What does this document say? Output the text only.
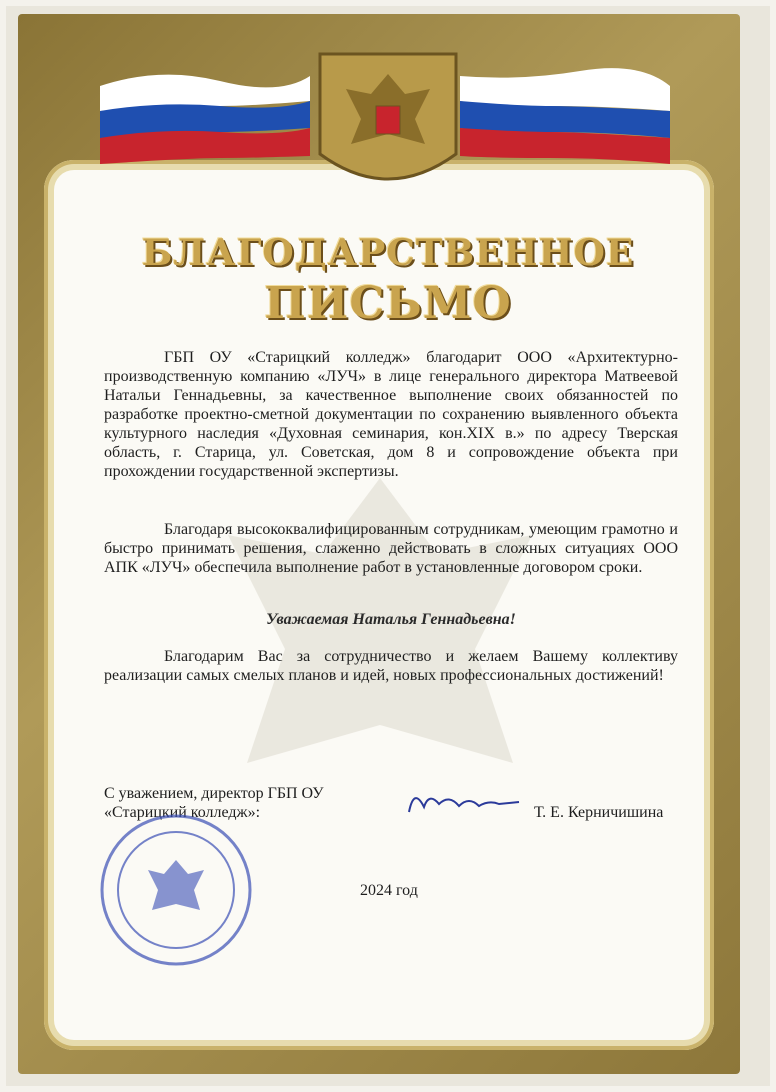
БЛАГОДАРСТВЕННОЕ
ПИСЬМО
ГБП ОУ «Старицкий колледж» благодарит ООО «Архитектурно-производственную компанию «ЛУЧ» в лице генерального директора Матвеевой Натальи Геннадьевны, за качественное выполнение своих обязанностей по разработке проектно-сметной документации по сохранению выявленного объекта культурного наследия «Духовная семинария, кон.XIX в.» по адресу Тверская область, г. Старица, ул. Советская, дом 8 и сопровождение объекта при прохождении государственной экспертизы.
Благодаря высококвалифицированным сотрудникам, умеющим грамотно и быстро принимать решения, слаженно действовать в сложных ситуациях ООО АПК «ЛУЧ» обеспечила выполнение работ в установленные договором сроки.
Уважаемая Наталья Геннадьевна!
Благодарим Вас за сотрудничество и желаем Вашему коллективу реализации самых смелых планов и идей, новых профессиональных достижений!
С уважением, директор ГБП ОУ
«Старицкий колледж»:	Т. Е. Керничишина
2024 год
